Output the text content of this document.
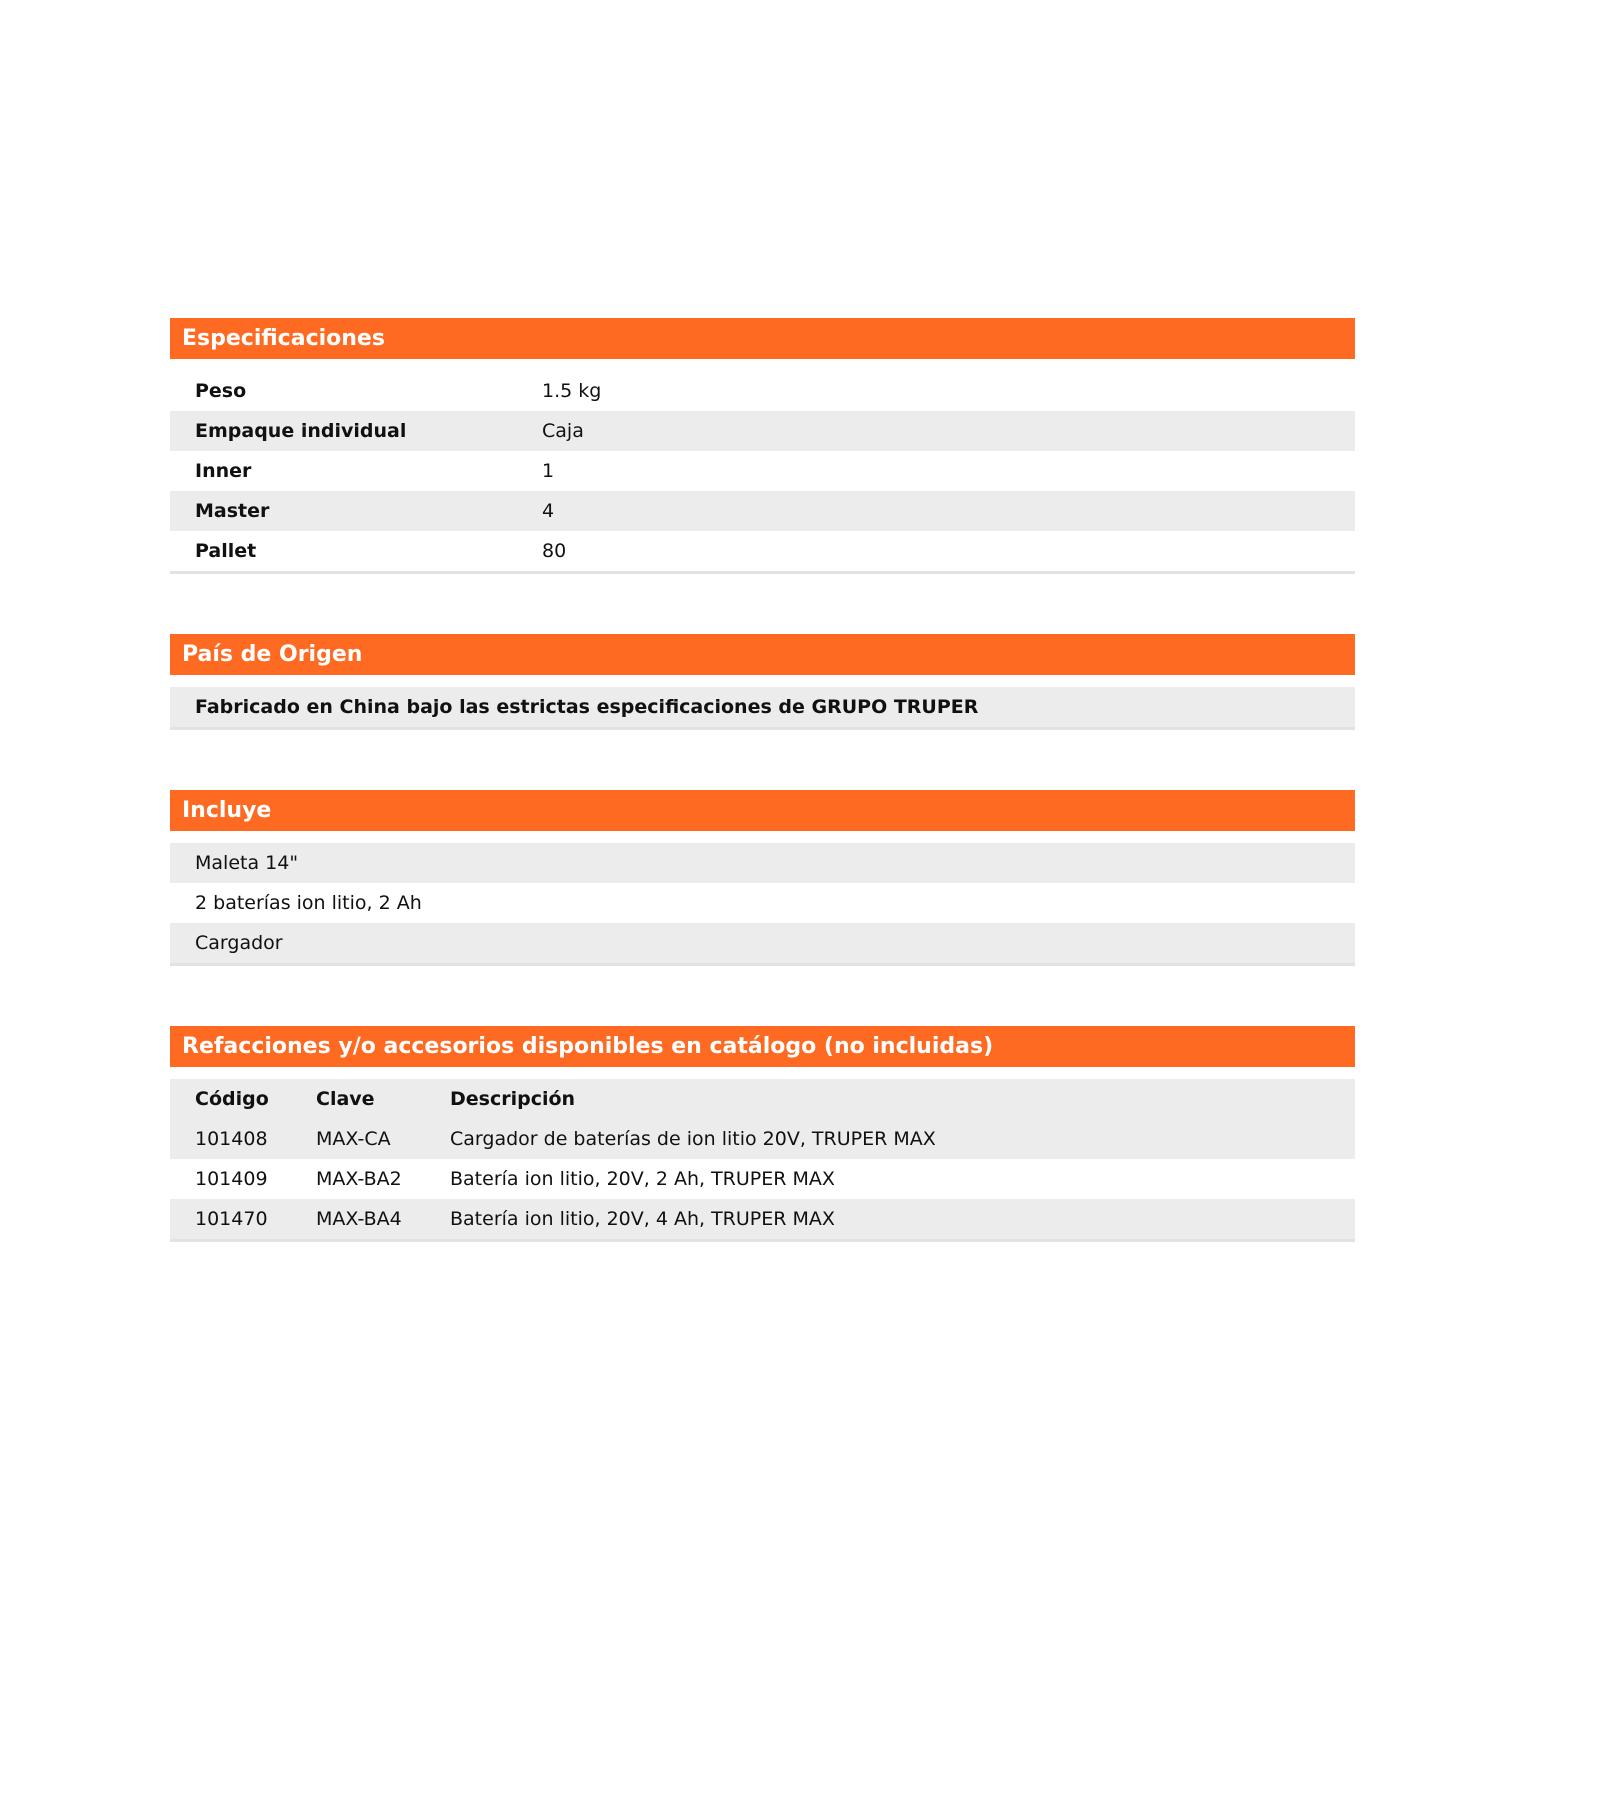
Especificaciones
Peso	1.5 kg
Empaque individual	Caja
Inner	1
Master	4
Pallet	80
País de Origen
Fabricado en China bajo las estrictas especificaciones de GRUPO TRUPER
Incluye
Maleta 14"
2 baterías ion litio, 2 Ah
Cargador
Refacciones y/o accesorios disponibles en catálogo (no incluidas)
Código	Clave	Descripción
101408	MAX-CA	Cargador de baterías de ion litio 20V, TRUPER MAX
101409	MAX-BA2	Batería ion litio, 20V, 2 Ah, TRUPER MAX
101470	MAX-BA4	Batería ion litio, 20V, 4 Ah, TRUPER MAX
